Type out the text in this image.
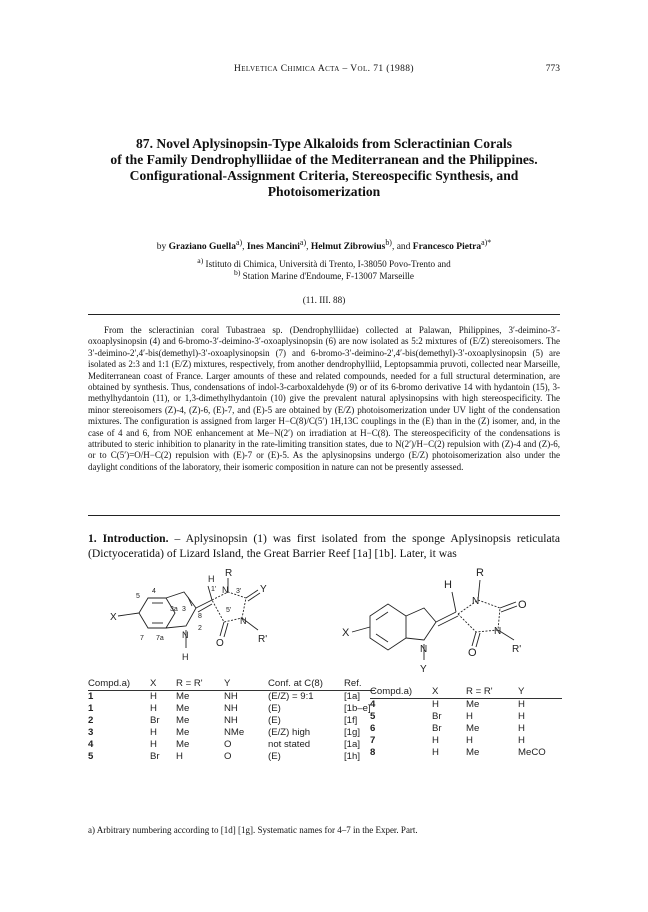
Helvetica Chimica Acta – Vol. 71 (1988)	773
87. Novel Aplysinopsin-Type Alkaloids from Scleractinian Corals
of the Family Dendrophylliidae of the Mediterranean and the Philippines.
Configurational-Assignment Criteria, Stereospecific Synthesis, and
Photoisomerization
by Graziano Guella$^{a)}$, Ines Mancini$^{a)}$, Helmut Zibrowius$^{b)}$, and Francesco Pietra$^{a)*}$
$^{a)}$ Istituto di Chimica, Università di Trento, I-38050 Povo-Trento and
$^{b)}$ Station Marine d'Endoume, F-13007 Marseille
(11. III. 88)
From the scleractinian coral Tubastraea sp. (Dendrophylliidae) collected at Palawan, Philippines, 3′-deimino-3′-oxoaplysinopsin (4) and 6-bromo-3′-deimino-3′-oxoaplysinopsin (6) are now isolated as 5:2 mixtures of (E/Z) stereoisomers. The 3′-deimino-2′,4′-bis(demethyl)-3′-oxoaplysinopsin (7) and 6-bromo-3′-deimino-2′,4′-bis(demethyl)-3′-oxoaplysinopsin (5) are isolated as 2:3 and 1:1 (E/Z) mixtures, respectively, from another dendrophylliid, Leptopsammia pruvoti, collected near Marseille, Mediterranean coast of France. Larger amounts of these and related compounds, needed for a full structural determination, are obtained by synthesis. Thus, condensations of indol-3-carboxaldehyde (9) or of its 6-bromo derivative 14 with hydantoin (15), 3-methylhydantoin (11), or 1,3-dimethylhydantoin (10) give the prevalent natural aplysinopsins with high stereospecificity. The minor stereoisomers (Z)-4, (Z)-6, (E)-7, and (E)-5 are obtained by (E/Z) photoisomerization under UV light of the condensation mixtures. The configuration is assigned from larger H−C(8)/C(5′) 1H,13C couplings in the (E) than in the (Z) isomer, and, in the case of 4 and 6, from NOE enhancement at Me−N(2′) on irradiation at H−C(8). The stereospecificity of the condensations is attributed to steric inhibition to planarity in the rate-limiting transition states, due to N(2′)/H−C(2) repulsion with (Z)-4 and (Z)-6, or to C(5′)=O/H−C(2) repulsion with (E)-7 or (E)-5. As the aplysinopsins undergo (E/Z) photoisomerization also under the daylight conditions of the laboratory, their isomeric composition in nature can not be presently assessed.
1. Introduction. – Aplysinopsin (1) was first isolated from the sponge Aplysinopsis reticulata (Dictyoceratida) of Lizard Island, the Great Barrier Reef [1a] [1b]. Later, it was
H R
1' N 3' Y
5
4
3a 3
8
5'
X	N
7 7a N
2
O	R'
H
H
R
N	O
X	N
O
N	R'
Y
Compd.a)	X	R = R'	Y	Conf. at C(8)	Ref.
1	H	Me	NH	(E/Z) = 9:1	[1a]
1	H	Me	NH	(E)	[1b–e]
2	Br	Me	NH	(E)	[1f]
3	H	Me	NMe	(E/Z) high	[1g]
4	H	Me	O	not stated	[1a]
5	Br	H	O	(E)	[1h]
Compd.a)	X	R = R'	Y
4	H	Me	H
5	Br	H	H
6	Br	Me	H
7	H	H	H
8	H	Me	MeCO
a) Arbitrary numbering according to [1d] [1g]. Systematic names for 4–7 in the Exper. Part.
